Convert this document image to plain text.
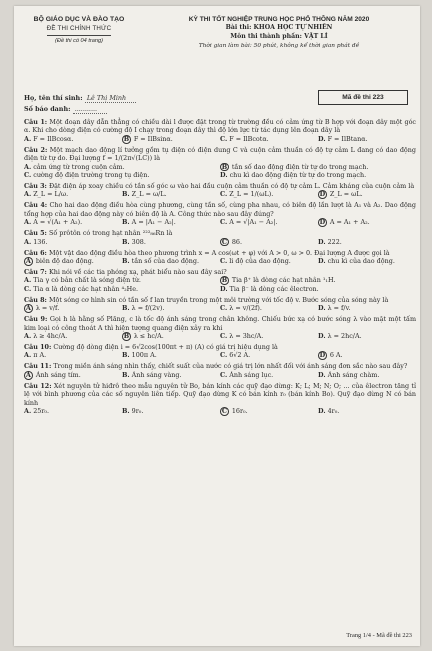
BỘ GIÁO DỤC VÀ ĐÀO TẠO
ĐỀ THI CHÍNH THỨC
(Đề thi có 04 trang)
KỲ THI TỐT NGHIỆP TRUNG HỌC PHỔ THÔNG NĂM 2020
Bài thi: KHOA HỌC TỰ NHIÊN
Môn thi thành phần: VẬT LÍ
Thời gian làm bài: 50 phút, không kể thời gian phát đề
Họ, tên thí sinh: Lê Thị Minh
Số báo danh: ...........
Mã đề thi 223
Câu 1: Một đoạn dây dẫn thẳng có chiều dài l được đặt trong từ trường đều có cảm ứng từ B hợp với đoạn dây một góc α. Khi cho dòng điện có cường độ I chạy trong đoạn dây thì độ lớn lực từ tác dụng lên đoạn dây là
A. F = IlBcosα.	B F = IlBsinα.	C. F = IlBcotα.	D. F = IlBtanα.
Câu 2: Một mạch dao động lí tưởng gồm tụ điện có điện dung C và cuộn cảm thuần có độ tự cảm L đang có dao động điện từ tự do. Đại lượng f = 1/(2π√(LC)) là
A. cảm ứng từ trong cuộn cảm.	B tần số dao động điện từ tự do trong mạch.
C. cường độ điện trường trong tụ điện.	D. chu kì dao động điện từ tự do trong mạch.
Câu 3: Đặt điện áp xoay chiều có tần số góc ω vào hai đầu cuộn cảm thuần có độ tự cảm L. Cảm kháng của cuộn cảm là
A. Z_L = L/ω.	B. Z_L = ω/L.	C. Z_L = 1/(ωL).	D Z_L = ωL.
Câu 4: Cho hai dao động điều hòa cùng phương, cùng tần số, cùng pha nhau, có biên độ lần lượt là A₁ và A₂. Dao động tổng hợp của hai dao động này có biên độ là A. Công thức nào sau đây đúng?
A. A = √(A₁ + A₂).	B. A = |A₁ − A₂|.	C. A = √|A₁ − A₂|.	D A = A₁ + A₂.
Câu 5: Số prôtôn có trong hạt nhân ²²²₈₆Rn là
A. 136.	B. 308.	C 86.	D. 222.
Câu 6: Một vật dao động điều hòa theo phương trình x = A cos(ωt + φ) với A > 0, ω > 0. Đại lượng A được gọi là
A biên độ dao động.	B. tần số của dao động.	C. li độ của dao động.	D. chu kì của dao động.
Câu 7: Khi nói về các tia phóng xạ, phát biểu nào sau đây sai?
A. Tia γ có bản chất là sóng điện từ.	B Tia β⁺ là dòng các hạt nhân ¹₁H.
C. Tia α là dòng các hạt nhân ⁴₂He.	D. Tia β⁻ là dòng các êlectron.
Câu 8: Một sóng cơ hình sin có tần số f lan truyền trong một môi trường với tốc độ v. Bước sóng của sóng này là
A λ = v/f.	B. λ = f/(2v).	C. λ = v/(2f).	D. λ = f/v.
Câu 9: Gọi h là hằng số Plăng, c là tốc độ ánh sáng trong chân không. Chiếu bức xạ có bước sóng λ vào mặt một tấm kim loại có công thoát A thì hiện tượng quang điện xảy ra khi
A. λ ≥ 4hc/A.	B λ ≤ hc/A.	C. λ = 3hc/A.	D. λ = 2hc/A.
Câu 10: Cường độ dòng điện i = 6√2cos(100πt + π) (A) có giá trị hiệu dụng là
A. π A.	B. 100π A.	C. 6√2 A.	D 6 A.
Câu 11: Trong miền ánh sáng nhìn thấy, chiết suất của nước có giá trị lớn nhất đối với ánh sáng đơn sắc nào sau đây?
A Ánh sáng tím.	B. Ánh sáng vàng.	C. Ánh sáng lục.	D. Ánh sáng chàm.
Câu 12: Xét nguyên tử hiđrô theo mẫu nguyên tử Bo, bán kính các quỹ đạo dừng: K; L; M; N; O; ... của êlectron tăng tỉ lệ với bình phương của các số nguyên liên tiếp. Quỹ đạo dừng K có bán kính r₀ (bán kính Bo). Quỹ đạo dừng N có bán kính
A. 25r₀.	B. 9r₀.	C 16r₀.	D. 4r₀.
Trang 1/4 - Mã đề thi 223
